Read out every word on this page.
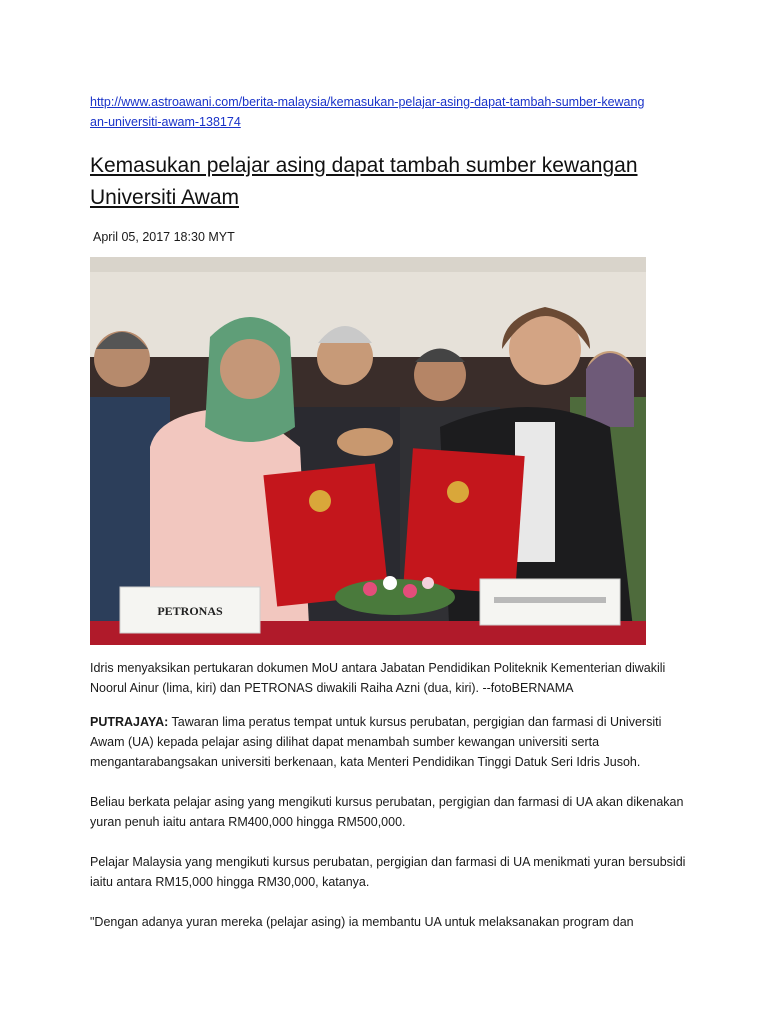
http://www.astroawani.com/berita-malaysia/kemasukan-pelajar-asing-dapat-tambah-sumber-kewangan-universiti-awam-138174
Kemasukan pelajar asing dapat tambah sumber kewangan Universiti Awam
April 05, 2017 18:30 MYT
PETRONAS
Idris menyaksikan pertukaran dokumen MoU antara Jabatan Pendidikan Politeknik Kementerian diwakili Noorul Ainur (lima, kiri) dan PETRONAS diwakili Raiha Azni (dua, kiri). --fotoBERNAMA
PUTRAJAYA: Tawaran lima peratus tempat untuk kursus perubatan, pergigian dan farmasi di Universiti Awam (UA) kepada pelajar asing dilihat dapat menambah sumber kewangan universiti serta mengantarabangsakan universiti berkenaan, kata Menteri Pendidikan Tinggi Datuk Seri Idris Jusoh.
Beliau berkata pelajar asing yang mengikuti kursus perubatan, pergigian dan farmasi di UA akan dikenakan yuran penuh iaitu antara RM400,000 hingga RM500,000.
Pelajar Malaysia yang mengikuti kursus perubatan, pergigian dan farmasi di UA menikmati yuran bersubsidi iaitu antara RM15,000 hingga RM30,000, katanya.
"Dengan adanya yuran mereka (pelajar asing) ia membantu UA untuk melaksanakan program dan
